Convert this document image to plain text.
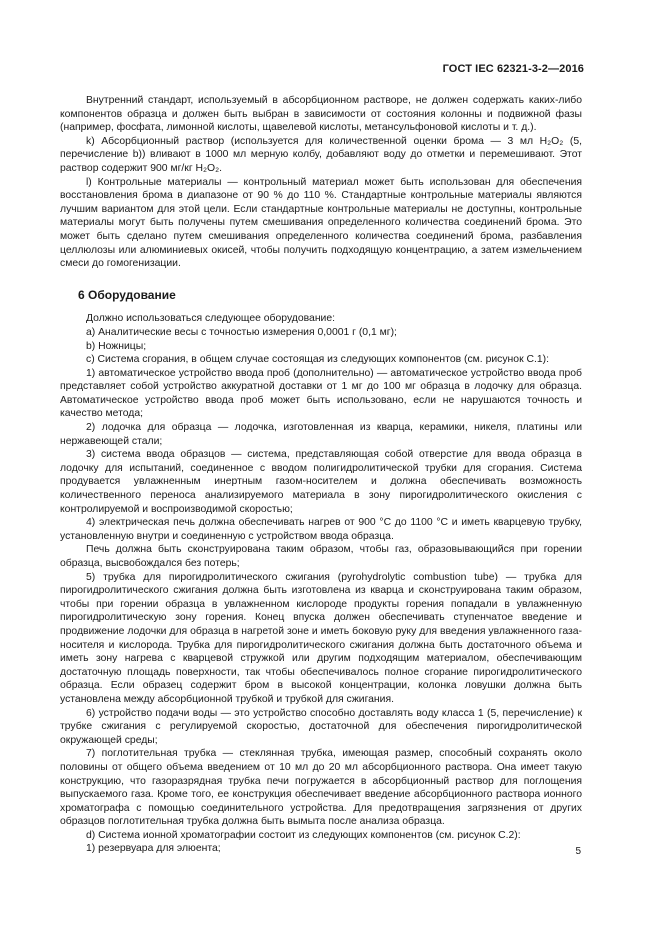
ГОСТ IEC 62321-3-2—2016

Внутренний стандарт, используемый в абсорбционном растворе, не должен содержать каких-либо компонентов образца и должен быть выбран в зависимости от состояния колонны и подвижной фазы (например, фосфата, лимонной кислоты, щавелевой кислоты, метансульфоновой кислоты и т. д.).

k) Абсорбционный раствор (используется для количественной оценки брома — 3 мл H₂O₂ (5, перечисление b)) вливают в 1000 мл мерную колбу, добавляют воду до отметки и перемешивают. Этот раствор содержит 900 мг/кг H₂O₂.

l) Контрольные материалы — контрольный материал может быть использован для обеспечения восстановления брома в диапазоне от 90 % до 110 %. Стандартные контрольные материалы являются лучшим вариантом для этой цели. Если стандартные контрольные материалы не доступны, контрольные материалы могут быть получены путем смешивания определенного количества соединений брома. Это может быть сделано путем смешивания определенного количества соединений брома, разбавления целлюлозы или алюминиевых окисей, чтобы получить подходящую концентрацию, а затем измельчением смеси до гомогенизации.

6 Оборудование

Должно использоваться следующее оборудование:

a) Аналитические весы с точностью измерения 0,0001 г (0,1 мг);

b) Ножницы;

c) Система сгорания, в общем случае состоящая из следующих компонентов (см. рисунок С.1):

1) автоматическое устройство ввода проб (дополнительно) — автоматическое устройство ввода проб представляет собой устройство аккуратной доставки от 1 мг до 100 мг образца в лодочку для образца. Автоматическое устройство ввода проб может быть использовано, если не нарушаются точность и качество метода;

2) лодочка для образца — лодочка, изготовленная из кварца, керамики, никеля, платины или нержавеющей стали;

3) система ввода образцов — система, представляющая собой отверстие для ввода образца в лодочку для испытаний, соединенное с вводом полигидролитической трубки для сгорания. Система продувается увлажненным инертным газом-носителем и должна обеспечивать возможность количественного переноса анализируемого материала в зону пирогидролитического окисления с контролируемой и воспроизводимой скоростью;

4) электрическая печь должна обеспечивать нагрев от 900 °C до 1100 °C и иметь кварцевую трубку, установленную внутри и соединенную с устройством ввода образца.

Печь должна быть сконструирована таким образом, чтобы газ, образовывающийся при горении образца, высвобождался без потерь;

5) трубка для пирогидролитического сжигания (pyrohydrolytic combustion tube) — трубка для пирогидролитического сжигания должна быть изготовлена из кварца и сконструирована таким образом, чтобы при горении образца в увлажненном кислороде продукты горения попадали в увлажненную пирогидролитическую зону горения. Конец впуска должен обеспечивать ступенчатое введение и продвижение лодочки для образца в нагретой зоне и иметь боковую руку для введения увлажненного газа-носителя и кислорода. Трубка для пирогидролитического сжигания должна быть достаточного объема и иметь зону нагрева с кварцевой стружкой или другим подходящим материалом, обеспечивающим достаточную площадь поверхности, так чтобы обеспечивалось полное сгорание пирогидролитического образца. Если образец содержит бром в высокой концентрации, колонка ловушки должна быть установлена между абсорбционной трубкой и трубкой для сжигания.

6) устройство подачи воды — это устройство способно доставлять воду класса 1 (5, перечисление) к трубке сжигания с регулируемой скоростью, достаточной для обеспечения пирогидролитической окружающей среды;

7) поглотительная трубка — стеклянная трубка, имеющая размер, способный сохранять около половины от общего объема введением от 10 мл до 20 мл абсорбционного раствора. Она имеет такую конструкцию, что газоразрядная трубка печи погружается в абсорбционный раствор для поглощения выпускаемого газа. Кроме того, ее конструкция обеспечивает введение абсорбционного раствора ионного хроматографа с помощью соединительного устройства. Для предотвращения загрязнения от других образцов поглотительная трубка должна быть вымыта после анализа образца.

d) Система ионной хроматографии состоит из следующих компонентов (см. рисунок С.2):

1) резервуара для элюента;	5
